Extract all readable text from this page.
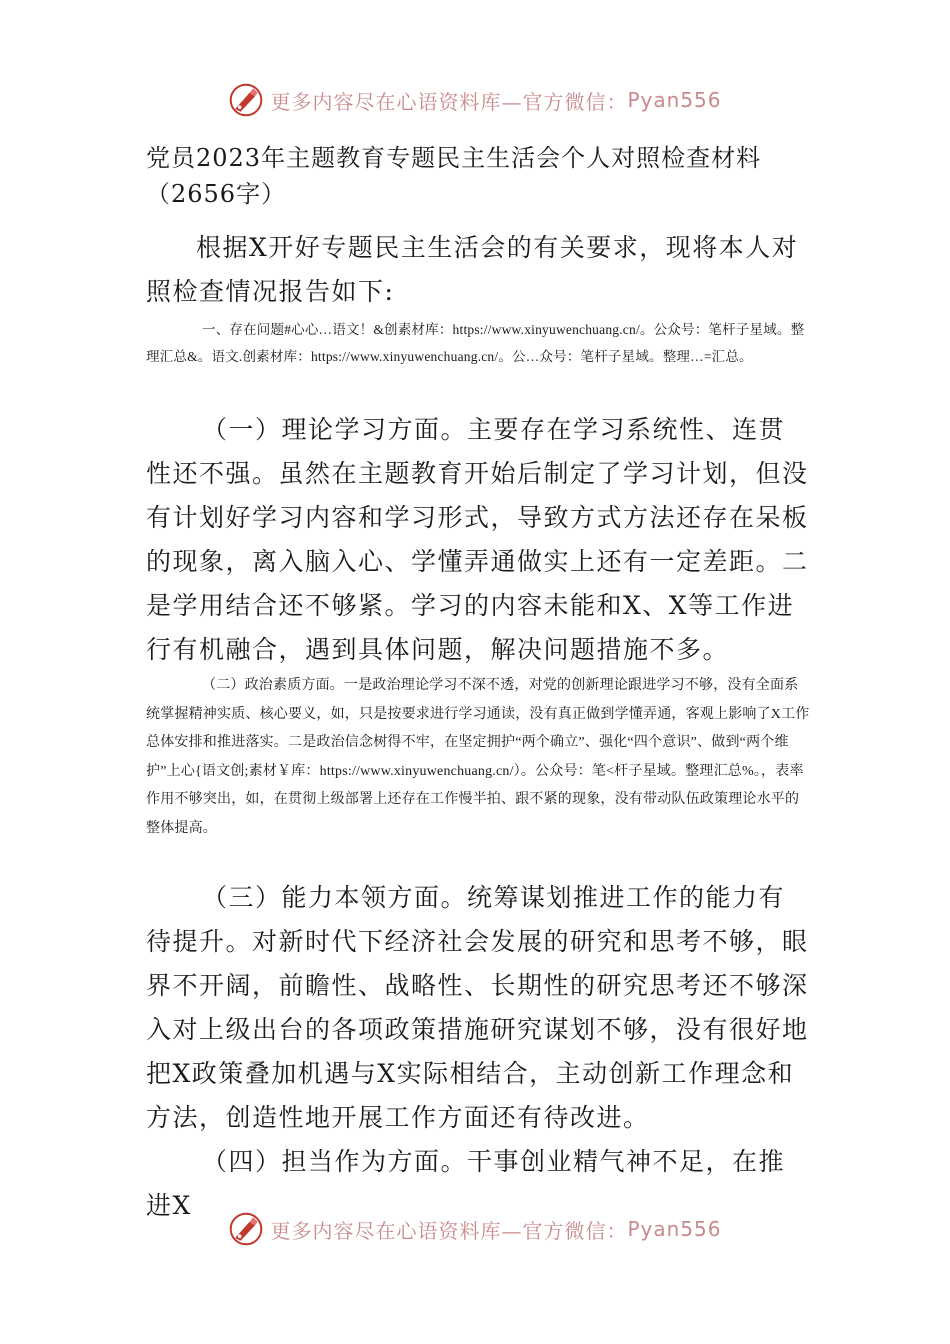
更多内容尽在心语资料库—官方微信： Pyan556
党员2023年主题教育专题民主生活会个人对照检查材料（2656字）
根据X开好专题民主生活会的有关要求，现将本人对照检查情况报告如下:
一、存在问题#心心…语文！&创素材库：https://www.xinyuwenchuang.cn/。公众号：笔杆子星域。整理汇总&。语文.创素材库：https://www.xinyuwenchuang.cn/。公…众号：笔杆子星域。整理…=汇总。
（一）理论学习方面。主要存在学习系统性、连贯性还不强。虽然在主题教育开始后制定了学习计划，但没有计划好学习内容和学习形式，导致方式方法还存在呆板的现象，离入脑入心、学懂弄通做实上还有一定差距。二是学用结合还不够紧。学习的内容未能和X、X等工作进行有机融合，遇到具体问题，解决问题措施不多。
（二）政治素质方面。一是政治理论学习不深不透，对党的创新理论跟进学习不够，没有全面系统掌握精神实质、核心要义，如，只是按要求进行学习通读，没有真正做到学懂弄通，客观上影响了X工作总体安排和推进落实。二是政治信念树得不牢，在坚定拥护“两个确立”、强化“四个意识”、做到“两个维护”上心{语文创;素材￥库：https://www.xinyuwenchuang.cn/）。公众号：笔<杆子星域。整理汇总%。，表率作用不够突出，如，在贯彻上级部署上还存在工作慢半拍、跟不紧的现象，没有带动队伍政策理论水平的整体提高。
（三）能力本领方面。统筹谋划推进工作的能力有待提升。对新时代下经济社会发展的研究和思考不够，眼界不开阔，前瞻性、战略性、长期性的研究思考还不够深入对上级出台的各项政策措施研究谋划不够，没有很好地把X政策叠加机遇与X实际相结合，主动创新工作理念和方法，创造性地开展工作方面还有待改进。
（四）担当作为方面。干事创业精气神不足，在推进X
更多内容尽在心语资料库—官方微信： Pyan556
